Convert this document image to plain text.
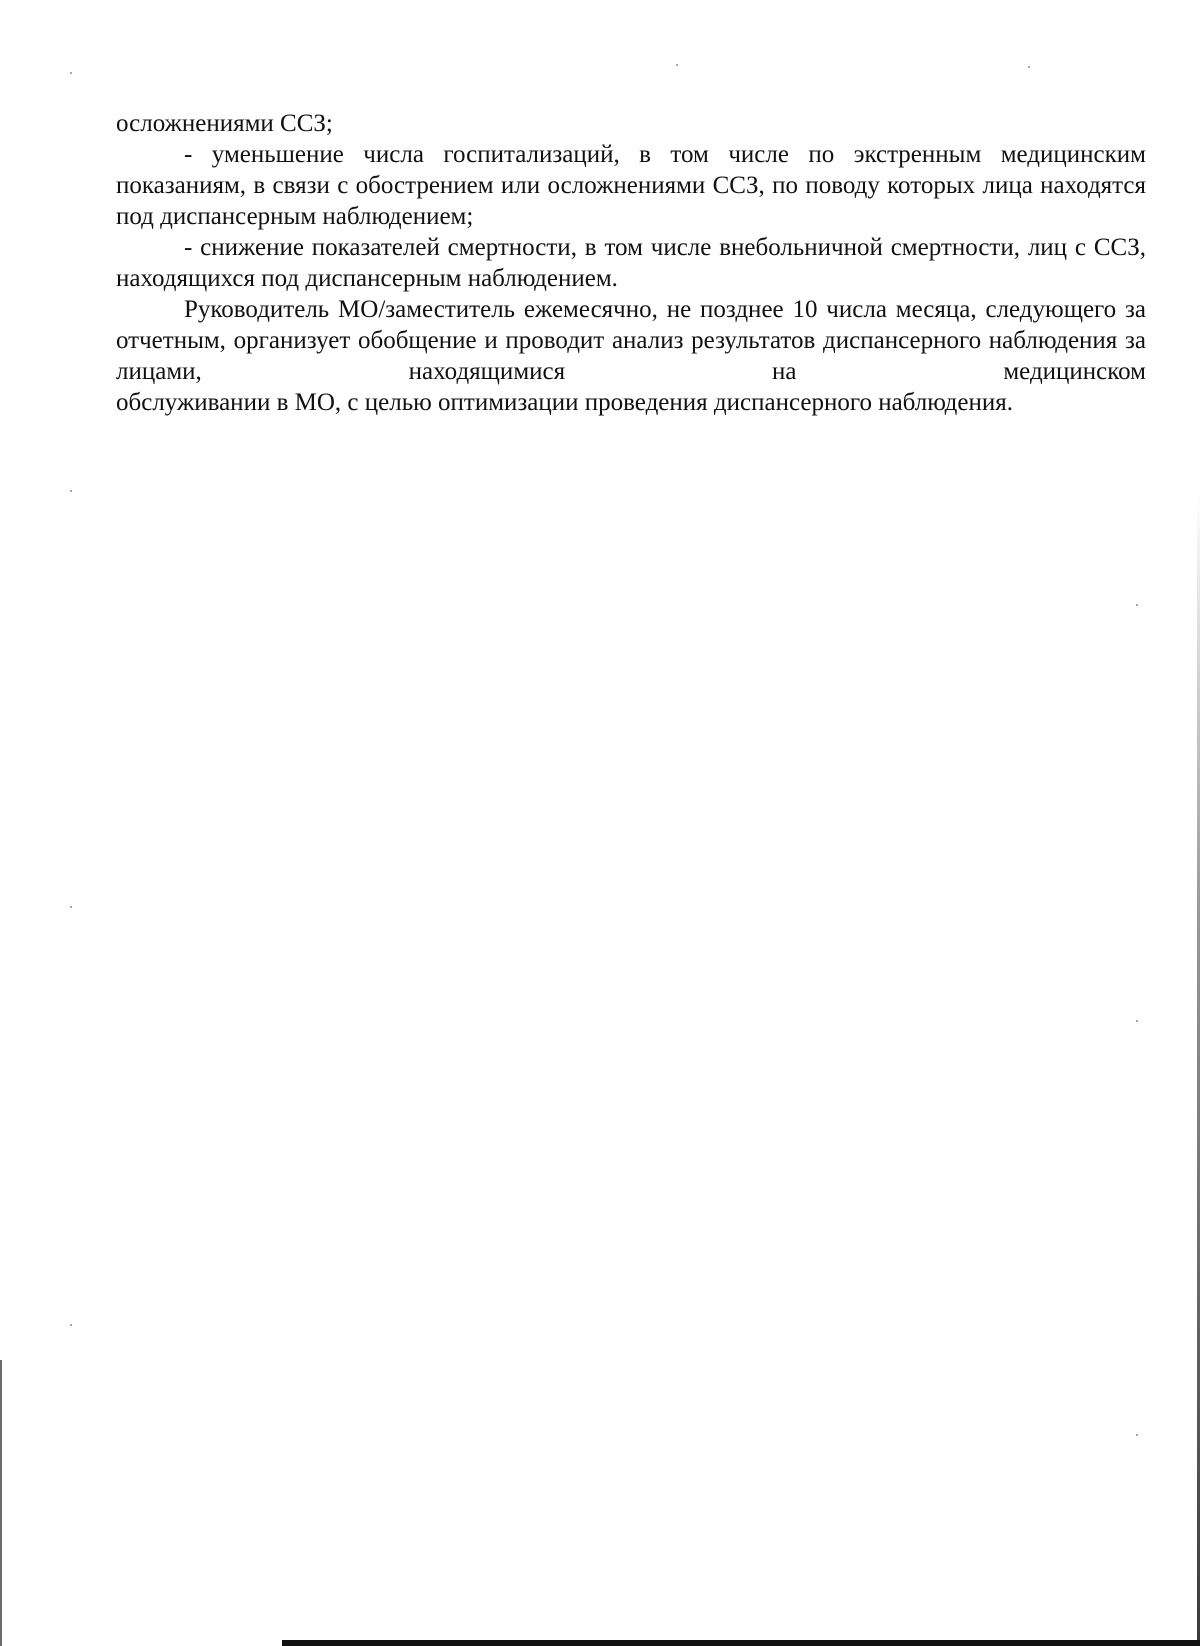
осложнениями ССЗ;

- уменьшение числа госпитализаций, в том числе по экстренным медицинским показаниям, в связи с обострением или осложнениями ССЗ, по поводу которых лица находятся под диспансерным наблюдением;

- снижение показателей смертности, в том числе внебольничной смертности, лиц с ССЗ, находящихся под диспансерным наблюдением.

Руководитель МО/заместитель ежемесячно, не позднее 10 числа месяца, следующего за отчетным, организует обобщение и проводит анализ результатов диспансерного наблюдения за лицами, находящимися на медицинском

обслуживании в МО, с целью оптимизации проведения диспансерного наблюдения.
